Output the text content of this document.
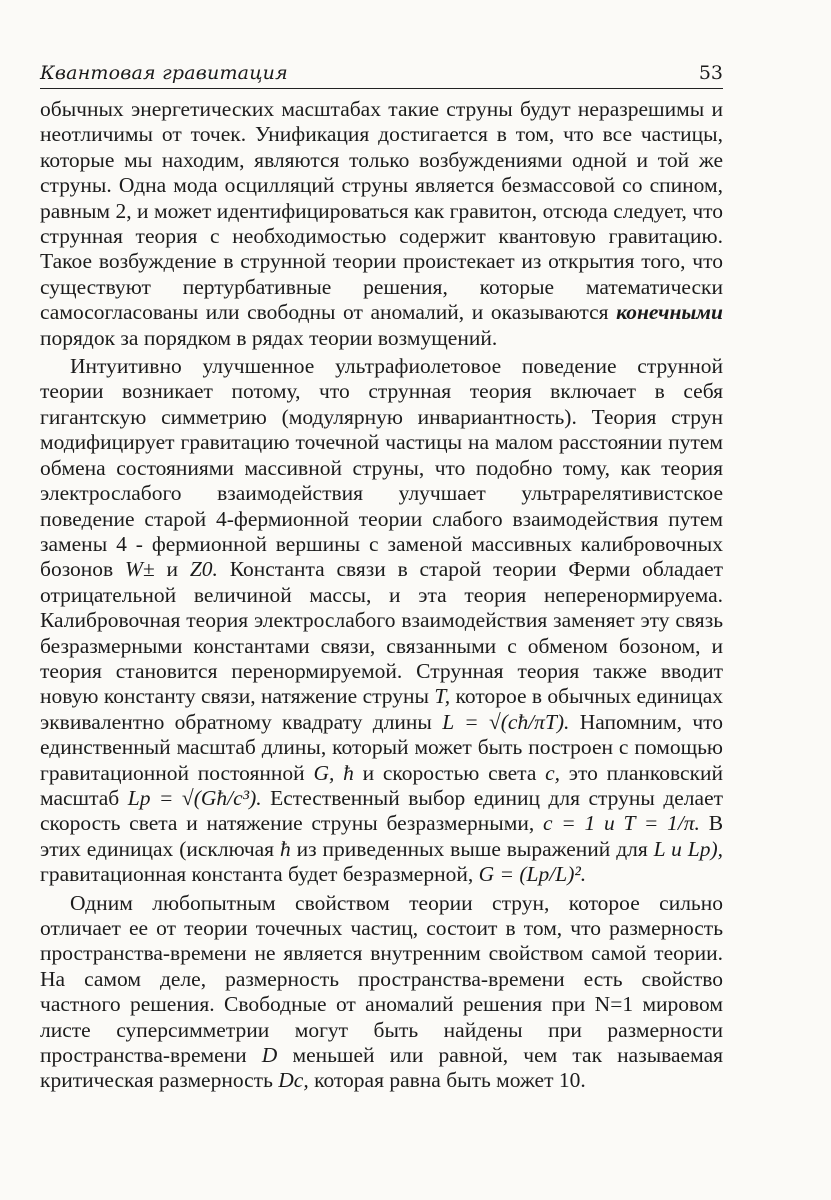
Квантовая гравитация	53

обычных энергетических масштабах такие струны будут неразрешимы и неотличимы от точек. Унификация достигается в том, что все частицы, которые мы находим, являются только возбуждениями одной и той же струны. Одна мода осцилляций струны является безмассовой со спином, равным 2, и может идентифицироваться как гравитон, отсюда следует, что струнная теория с необходимостью содержит квантовую гравитацию. Такое возбуждение в струнной теории проистекает из открытия того, что существуют пертурбативные решения, которые математически самосогласованы или свободны от аномалий, и оказываются конечными порядок за порядком в рядах теории возмущений.

Интуитивно улучшенное ультрафиолетовое поведение струнной теории возникает потому, что струнная теория включает в себя гигантскую симметрию (модулярную инвариантность). Теория струн модифицирует гравитацию точечной частицы на малом расстоянии путем обмена состояниями массивной струны, что подобно тому, как теория электрослабого взаимодействия улучшает ультрарелятивистское поведение старой 4-фермионной теории слабого взаимодействия путем замены 4 - фермионной вершины с заменой массивных калибровочных бозонов W± и Z0. Константа связи в старой теории Ферми обладает отрицательной величиной массы, и эта теория неперенормируема. Калибровочная теория электрослабого взаимодействия заменяет эту связь безразмерными константами связи, связанными с обменом бозоном, и теория становится перенормируемой. Струнная теория также вводит новую константу связи, натяжение струны T, которое в обычных единицах эквивалентно обратному квадрату длины L = √(cħ/πT). Напомним, что единственный масштаб длины, который может быть построен с помощью гравитационной постоянной G, ħ и скоростью света c, это планковский масштаб Lp = √(Għ/c³). Естественный выбор единиц для струны делает скорость света и натяжение струны безразмерными, c = 1 и T = 1/π. В этих единицах (исключая ħ из приведенных выше выражений для L и Lp), гравитационная константа будет безразмерной, G = (Lp/L)².

Одним любопытным свойством теории струн, которое сильно отличает ее от теории точечных частиц, состоит в том, что размерность пространства-времени не является внутренним свойством самой теории. На самом деле, размерность пространства-времени есть свойство частного решения. Свободные от аномалий решения при N=1 мировом листе суперсимметрии могут быть найдены при размерности пространства-времени D меньшей или равной, чем так называемая критическая размерность Dc, которая равна быть может 10.
